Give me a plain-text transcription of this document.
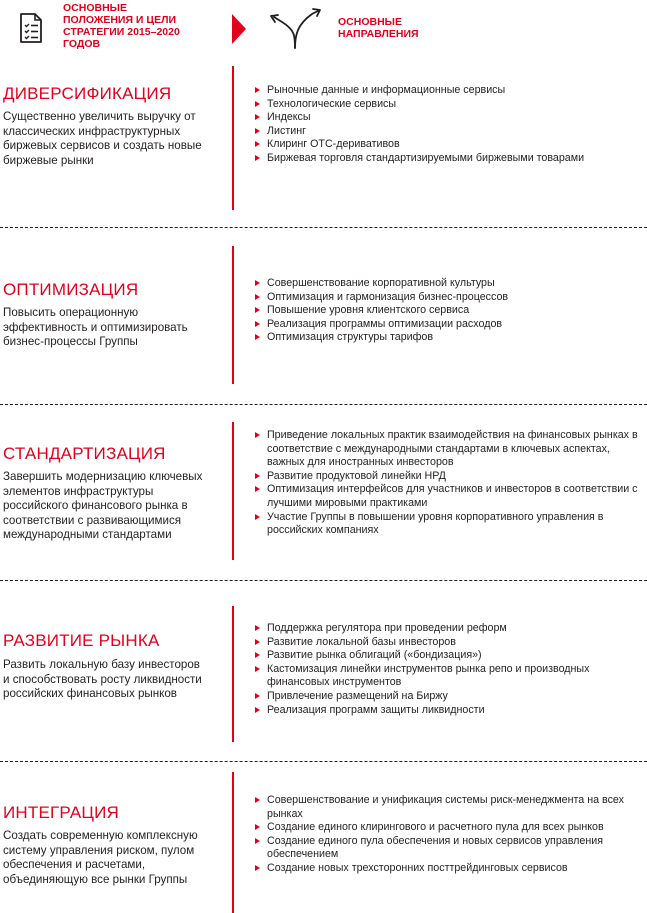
ОСНОВНЫЕ ПОЛОЖЕНИЯ И ЦЕЛИ СТРАТЕГИИ 2015–2020 ГОДОВ
ОСНОВНЫЕ НАПРАВЛЕНИЯ
ДИВЕРСИФИКАЦИЯ

Существенно увеличить выручку от классических инфраструктурных биржевых сервисов и создать новые биржевые рынки

Рыночные данные и информационные сервисы
Технологические сервисы
Индексы
Листинг
Клиринг ОТС-деривативов
Биржевая торговля стандартизируемыми биржевыми товарами
ОПТИМИЗАЦИЯ

Повысить операционную эффективность и оптимизировать бизнес-процессы Группы

Совершенствование корпоративной культуры
Оптимизация и гармонизация бизнес-процессов
Повышение уровня клиентского сервиса
Реализация программы оптимизации расходов
Оптимизация структуры тарифов
СТАНДАРТИЗАЦИЯ

Завершить модернизацию ключевых элементов инфраструктуры российского финансового рынка в соответствии с развивающимися международными стандартами

Приведение локальных практик взаимодействия на финансовых рынках в соответствие с международными стандартами в ключевых аспектах, важных для иностранных инвесторов
Развитие продуктовой линейки НРД
Оптимизация интерфейсов для участников и инвесторов в соответствии с лучшими мировыми практиками
Участие Группы в повышении уровня корпоративного управления в российских компаниях
РАЗВИТИЕ РЫНКА

Развить локальную базу инвесторов и способствовать росту ликвидности российских финансовых рынков

Поддержка регулятора при проведении реформ
Развитие локальной базы инвесторов
Развитие рынка облигаций («бондизация»)
Кастомизация линейки инструментов рынка репо и производных финансовых инструментов
Привлечение размещений на Биржу
Реализация программ защиты ликвидности
ИНТЕГРАЦИЯ

Создать современную комплексную систему управления риском, пулом обеспечения и расчетами, объединяющую все рынки Группы

Совершенствование и унификация системы риск-менеджмента на всех рынках
Создание единого клирингового и расчетного пула для всех рынков
Создание единого пула обеспечения и новых сервисов управления обеспечением
Создание новых трехсторонних посттрейдинговых сервисов
